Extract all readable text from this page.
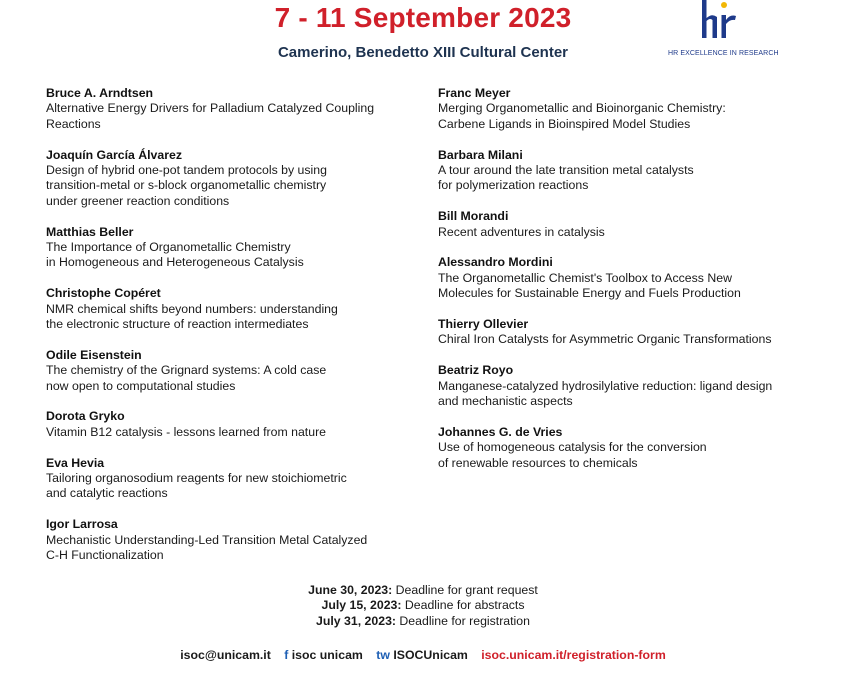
7 - 11 September 2023
Camerino, Benedetto XIII Cultural Center	HR EXCELLENCE IN RESEARCH
Bruce A. Arndtsen
Alternative Energy Drivers for Palladium Catalyzed Coupling
Reactions
Joaquín García Álvarez
Design of hybrid one-pot tandem protocols by using
transition-metal or s-block organometallic chemistry
under greener reaction conditions
Matthias Beller
The Importance of Organometallic Chemistry
in Homogeneous and Heterogeneous Catalysis
Christophe Copéret
NMR chemical shifts beyond numbers: understanding
the electronic structure of reaction intermediates
Odile Eisenstein
The chemistry of the Grignard systems: A cold case
now open to computational studies
Dorota Gryko
Vitamin B12 catalysis - lessons learned from nature
Eva Hevia
Tailoring organosodium reagents for new stoichiometric
and catalytic reactions
Igor Larrosa
Mechanistic Understanding-Led Transition Metal Catalyzed
C-H Functionalization
Franc Meyer
Merging Organometallic and Bioinorganic Chemistry:
Carbene Ligands in Bioinspired Model Studies
Barbara Milani
A tour around the late transition metal catalysts
for polymerization reactions
Bill Morandi
Recent adventures in catalysis
Alessandro Mordini
The Organometallic Chemist's Toolbox to Access New
Molecules for Sustainable Energy and Fuels Production
Thierry Ollevier
Chiral Iron Catalysts for Asymmetric Organic Transformations
Beatriz Royo
Manganese-catalyzed hydrosilylative reduction: ligand design
and mechanistic aspects
Johannes G. de Vries
Use of homogeneous catalysis for the conversion
of renewable resources to chemicals
June 30, 2023: Deadline for grant request
July 15, 2023: Deadline for abstracts
July 31, 2023: Deadline for registration
isoc@unicam.it f isoc unicam tw ISOCUnicam isoc.unicam.it/registration-form
